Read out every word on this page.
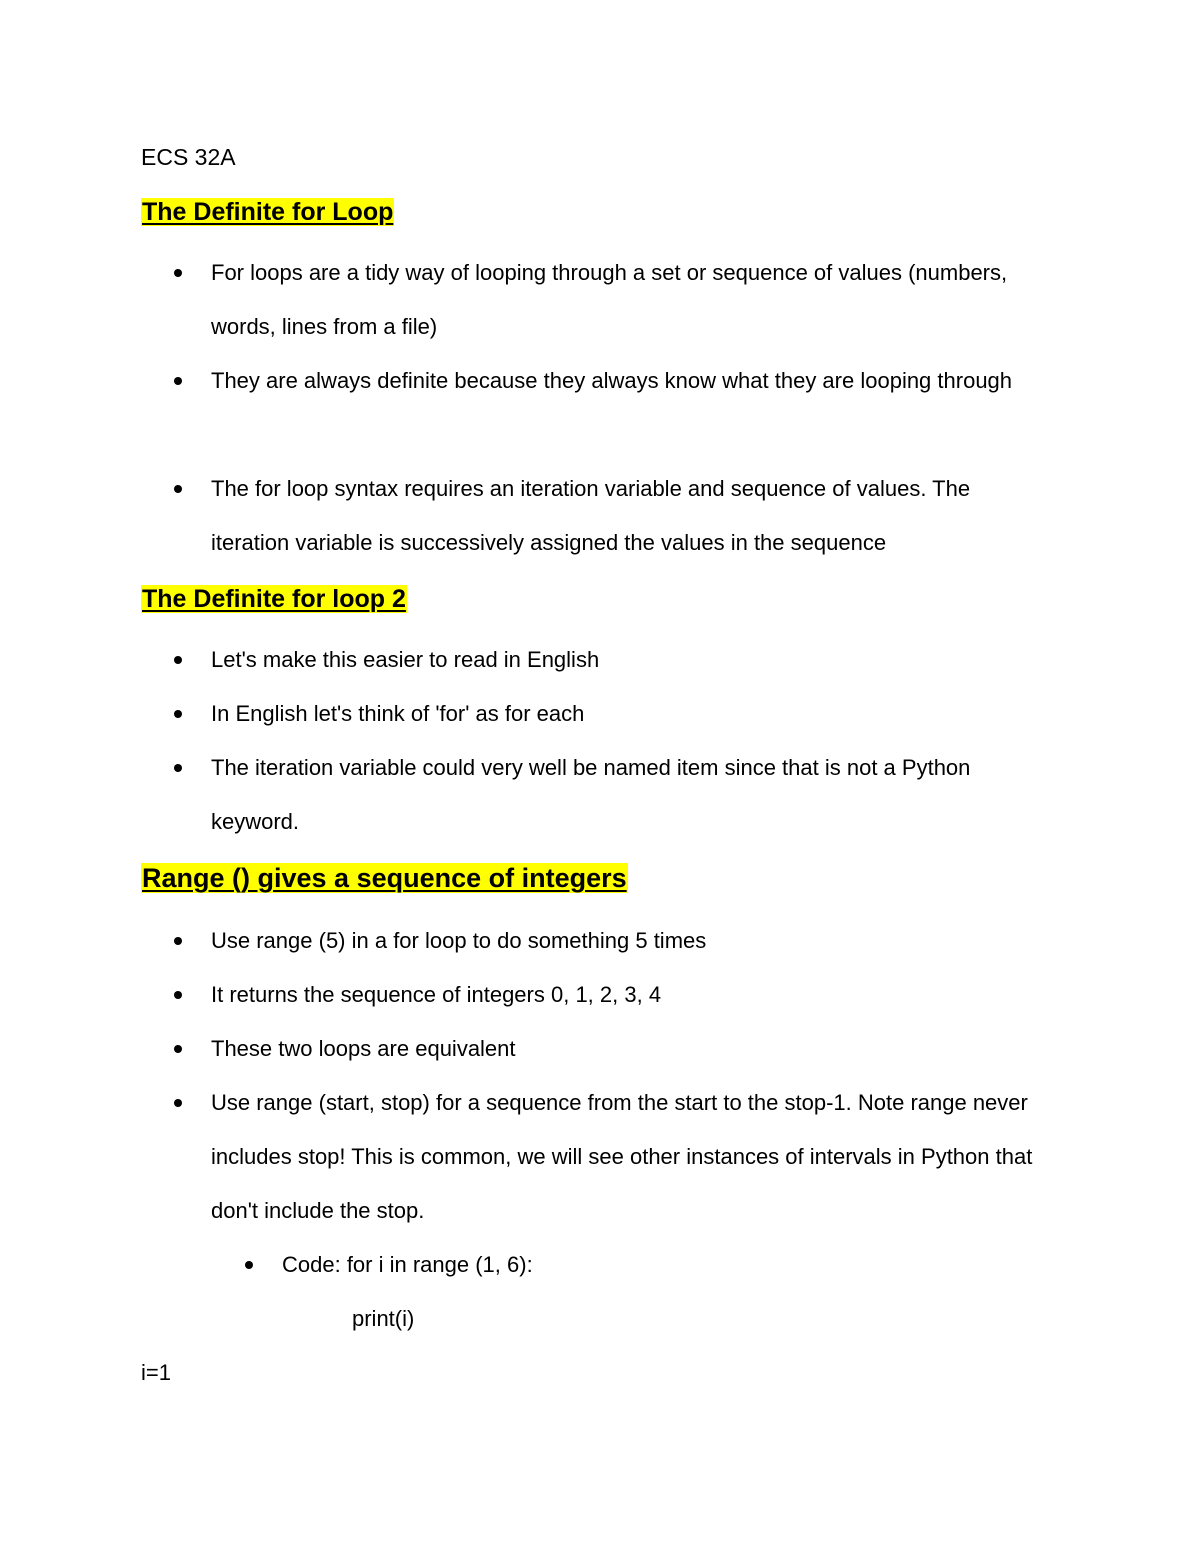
ECS 32A
The Definite for Loop
For loops are a tidy way of looping through a set or sequence of values (numbers, words, lines from a file)
They are always definite because they always know what they are looping through
The for loop syntax requires an iteration variable and sequence of values. The iteration variable is successively assigned the values in the sequence
The Definite for loop 2
Let's make this easier to read in English
In English let's think of 'for' as for each
The iteration variable could very well be named item since that is not a Python keyword.
Range () gives a sequence of integers
Use range (5) in a for loop to do something 5 times
It returns the sequence of integers 0, 1, 2, 3, 4
These two loops are equivalent
Use range (start, stop) for a sequence from the start to the stop-1. Note range never includes stop! This is common, we will see other instances of intervals in Python that don't include the stop.
Code: for i in range (1, 6):
print(i)
i=1
